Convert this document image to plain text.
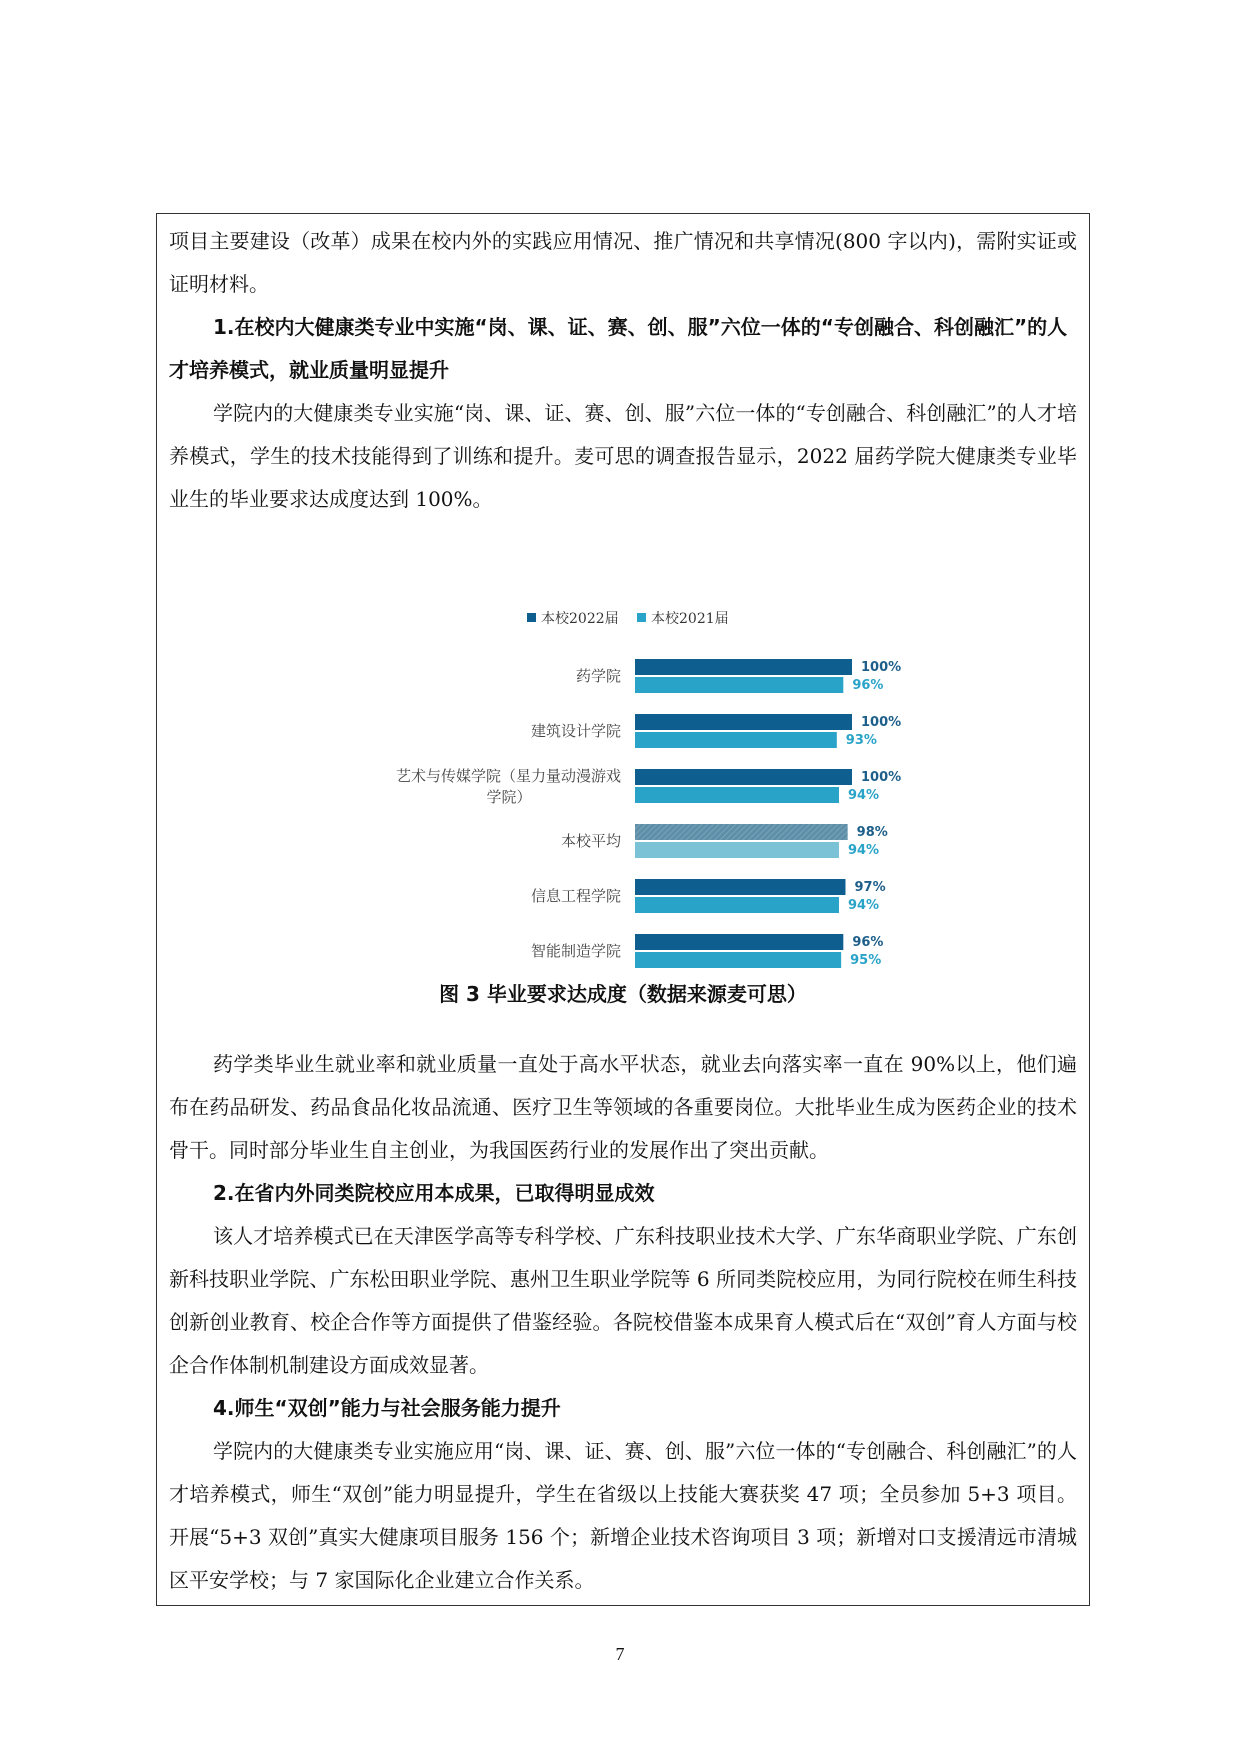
项目主要建设（改革）成果在校内外的实践应用情况、推广情况和共享情况(800 字以内)，需附实证或证明材料。

1.在校内大健康类专业中实施“岗、课、证、赛、创、服”六位一体的“专创融合、科创融汇”的人才培养模式，就业质量明显提升

学院内的大健康类专业实施“岗、课、证、赛、创、服”六位一体的“专创融合、科创融汇”的人才培养模式，学生的技术技能得到了训练和提升。麦可思的调查报告显示，2022 届药学院大健康类专业毕业生的毕业要求达成度达到 100%。

本校2022届 本校2021届
100%
96%
药学院
100%
93%
建筑设计学院
100%
94%
艺术与传媒学院（星力量动漫游戏
学院）
98%
94%
本校平均
97%
94%
信息工程学院
96%
95%
智能制造学院

图 3 毕业要求达成度（数据来源麦可思）

药学类毕业生就业率和就业质量一直处于高水平状态，就业去向落实率一直在 90%以上，他们遍布在药品研发、药品食品化妆品流通、医疗卫生等领域的各重要岗位。大批毕业生成为医药企业的技术骨干。同时部分毕业生自主创业，为我国医药行业的发展作出了突出贡献。

2.在省内外同类院校应用本成果，已取得明显成效

该人才培养模式已在天津医学高等专科学校、广东科技职业技术大学、广东华商职业学院、广东创新科技职业学院、广东松田职业学院、惠州卫生职业学院等 6 所同类院校应用，为同行院校在师生科技创新创业教育、校企合作等方面提供了借鉴经验。各院校借鉴本成果育人模式后在“双创”育人方面与校企合作体制机制建设方面成效显著。

4.师生“双创”能力与社会服务能力提升

学院内的大健康类专业实施应用“岗、课、证、赛、创、服”六位一体的“专创融合、科创融汇”的人才培养模式，师生“双创”能力明显提升，学生在省级以上技能大赛获奖 47 项；全员参加 5+3 项目。开展“5+3 双创”真实大健康项目服务 156 个；新增企业技术咨询项目 3 项；新增对口支援清远市清城区平安学校；与 7 家国际化企业建立合作关系。

7
